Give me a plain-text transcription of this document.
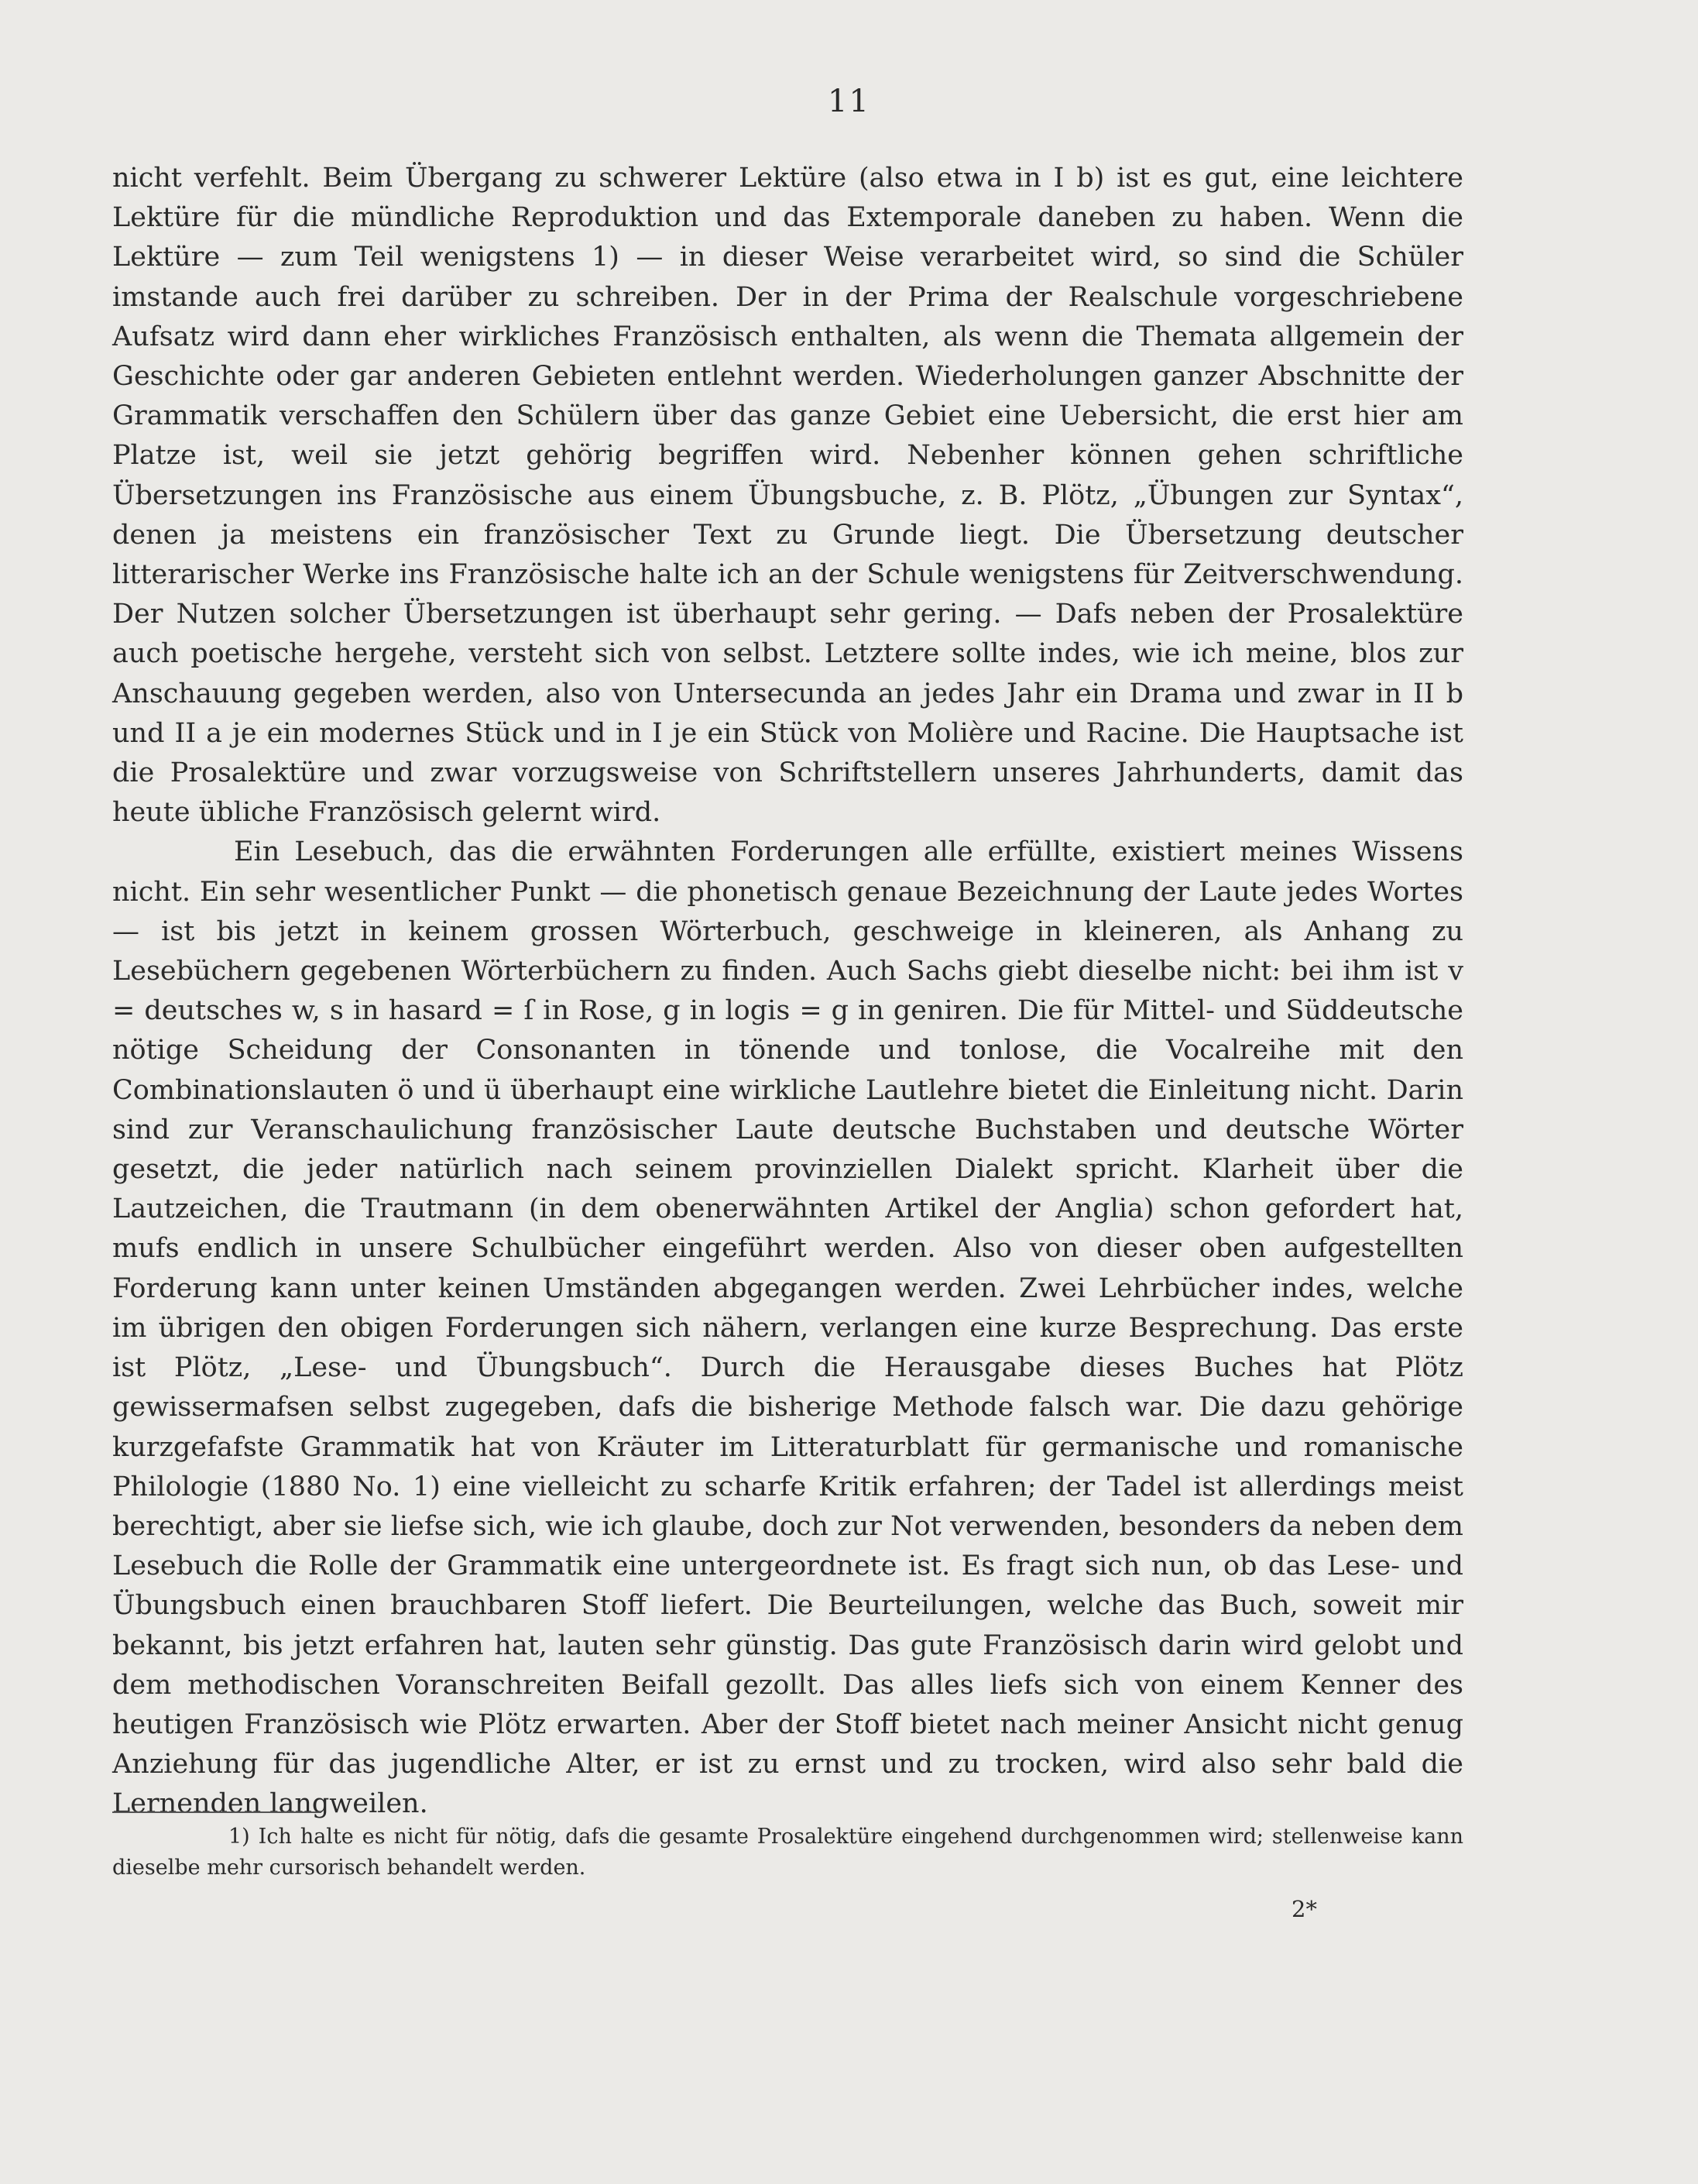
11

nicht verfehlt. Beim Übergang zu schwerer Lektüre (also etwa in I b) ist es gut, eine leichtere Lektüre für die mündliche Reproduktion und das Extemporale daneben zu haben. Wenn die Lektüre — zum Teil wenigstens 1) — in dieser Weise verarbeitet wird, so sind die Schüler imstande auch frei darüber zu schreiben. Der in der Prima der Realschule vorgeschriebene Aufsatz wird dann eher wirkliches Französisch enthalten, als wenn die Themata allgemein der Geschichte oder gar anderen Gebieten entlehnt werden. Wiederholungen ganzer Abschnitte der Grammatik verschaffen den Schülern über das ganze Gebiet eine Uebersicht, die erst hier am Platze ist, weil sie jetzt gehörig begriffen wird. Nebenher können gehen schriftliche Übersetzungen ins Französische aus einem Übungsbuche, z. B. Plötz, „Übungen zur Syntax“, denen ja meistens ein französischer Text zu Grunde liegt. Die Übersetzung deutscher litterarischer Werke ins Französische halte ich an der Schule wenigstens für Zeitverschwendung. Der Nutzen solcher Übersetzungen ist überhaupt sehr gering. — Dafs neben der Prosalektüre auch poetische hergehe, versteht sich von selbst. Letztere sollte indes, wie ich meine, blos zur Anschauung gegeben werden, also von Untersecunda an jedes Jahr ein Drama und zwar in II b und II a je ein modernes Stück und in I je ein Stück von Molière und Racine. Die Hauptsache ist die Prosalektüre und zwar vorzugsweise von Schriftstellern unseres Jahrhunderts, damit das heute übliche Französisch gelernt wird.

Ein Lesebuch, das die erwähnten Forderungen alle erfüllte, existiert meines Wissens nicht. Ein sehr wesentlicher Punkt — die phonetisch genaue Bezeichnung der Laute jedes Wortes — ist bis jetzt in keinem grossen Wörterbuch, geschweige in kleineren, als Anhang zu Lesebüchern gegebenen Wörterbüchern zu finden. Auch Sachs giebt dieselbe nicht: bei ihm ist v = deutsches w, s in hasard = ſ in Rose, g in logis = g in geniren. Die für Mittel- und Süddeutsche nötige Scheidung der Consonanten in tönende und tonlose, die Vocalreihe mit den Combinationslauten ö und ü überhaupt eine wirkliche Lautlehre bietet die Einleitung nicht. Darin sind zur Veranschaulichung französischer Laute deutsche Buchstaben und deutsche Wörter gesetzt, die jeder natürlich nach seinem provinziellen Dialekt spricht. Klarheit über die Lautzeichen, die Trautmann (in dem obenerwähnten Artikel der Anglia) schon gefordert hat, mufs endlich in unsere Schulbücher eingeführt werden. Also von dieser oben aufgestellten Forderung kann unter keinen Umständen abgegangen werden. Zwei Lehrbücher indes, welche im übrigen den obigen Forderungen sich nähern, verlangen eine kurze Besprechung. Das erste ist Plötz, „Lese- und Übungsbuch“. Durch die Herausgabe dieses Buches hat Plötz gewissermafsen selbst zugegeben, dafs die bisherige Methode falsch war. Die dazu gehörige kurzgefafste Grammatik hat von Kräuter im Litteraturblatt für germanische und romanische Philologie (1880 No. 1) eine vielleicht zu scharfe Kritik erfahren; der Tadel ist allerdings meist berechtigt, aber sie liefse sich, wie ich glaube, doch zur Not verwenden, besonders da neben dem Lesebuch die Rolle der Grammatik eine untergeordnete ist. Es fragt sich nun, ob das Lese- und Übungsbuch einen brauchbaren Stoff liefert. Die Beurteilungen, welche das Buch, soweit mir bekannt, bis jetzt erfahren hat, lauten sehr günstig. Das gute Französisch darin wird gelobt und dem methodischen Voranschreiten Beifall gezollt. Das alles liefs sich von einem Kenner des heutigen Französisch wie Plötz erwarten. Aber der Stoff bietet nach meiner Ansicht nicht genug Anziehung für das jugendliche Alter, er ist zu ernst und zu trocken, wird also sehr bald die Lernenden langweilen.

1) Ich halte es nicht für nötig, dafs die gesamte Prosalektüre eingehend durchgenommen wird; stellenweise kann dieselbe mehr cursorisch behandelt werden.
2*
